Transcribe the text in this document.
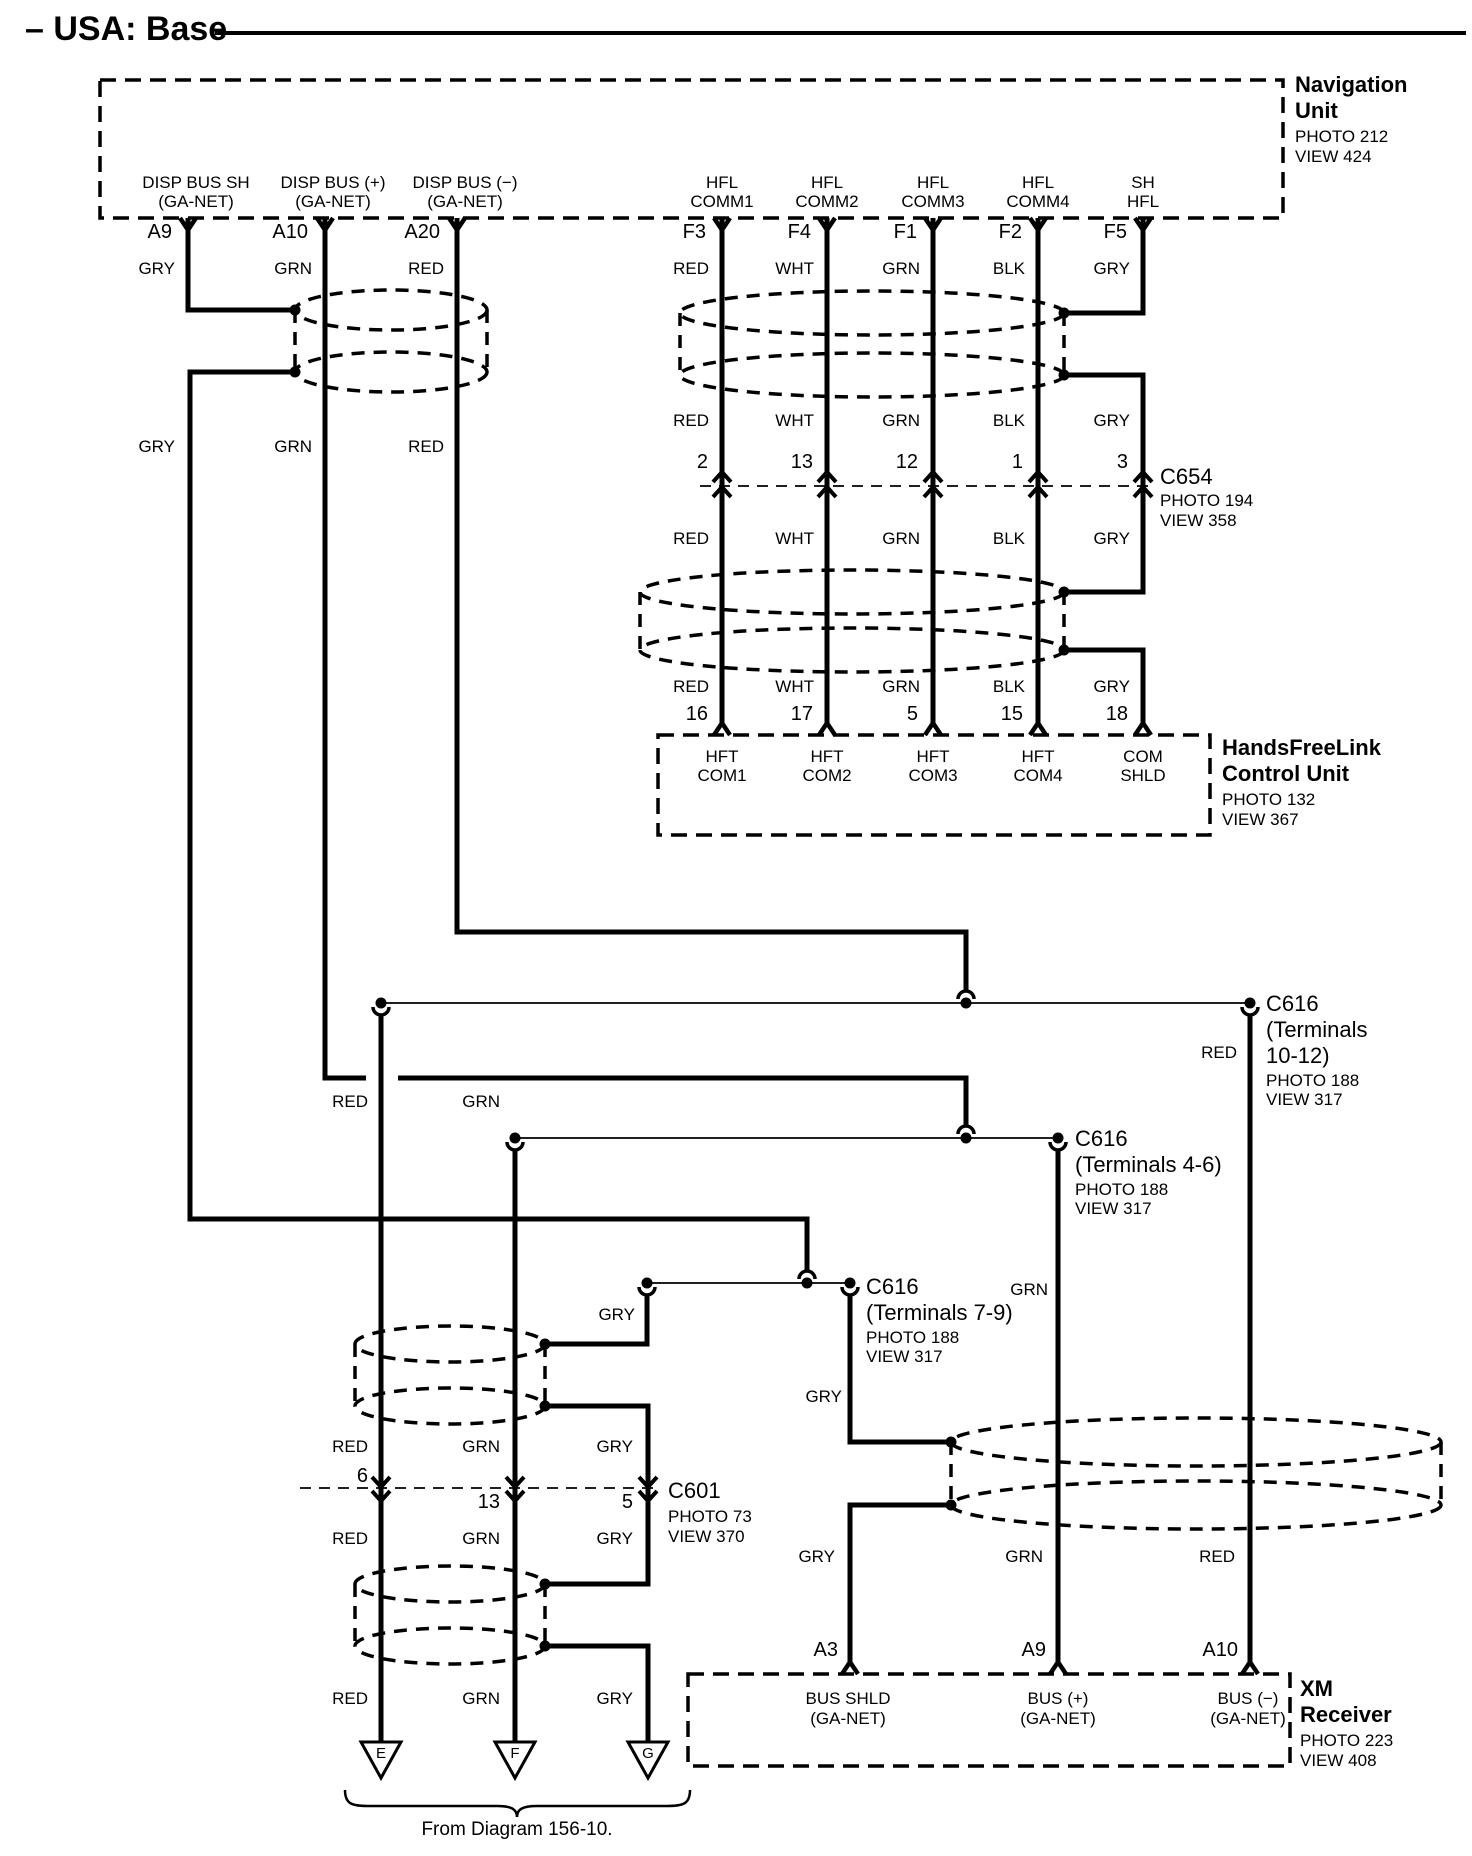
– USA: Base
Navigation
Unit
PHOTO 212
VIEW 424
DISP BUS SH
(GA-NET)
DISP BUS (+)
(GA-NET)
DISP BUS (−)
(GA-NET)
HFL
COMM1
HFL
COMM2
HFL
COMM3
HFL
COMM4
SH
HFL
A9	A10	A20	F3	F4	F1	F2	F5
GRY	GRN	RED	RED	WHT	GRN	BLK	GRY
GRY	GRN	RED
RED	WHT	GRN	BLK	GRY
RED	WHT	GRN	BLK	GRY
RED	WHT	GRN	BLK	GRY
RED	GRN
RED
GRN
GRY
GRY
RED	GRN	GRY
RED	GRN	GRY
RED	GRN	GRY
GRY	GRN	RED
2	13	12	1	3
C654
PHOTO 194
VIEW 358
16	17	5	15	18
HFT
COM1
HFT
COM2
HFT
COM3
HFT
COM4
COM
SHLD
HandsFreeLink
Control Unit
PHOTO 132
VIEW 367
C616
(Terminals
10-12)
PHOTO 188
VIEW 317
C616
(Terminals 4-6)
PHOTO 188
VIEW 317
C616
(Terminals 7-9)
PHOTO 188
VIEW 317
6
13	5 C601
PHOTO 73
VIEW 370
A3	A9	A10
BUS SHLD
(GA-NET)
BUS (+)
(GA-NET)
BUS (−)
(GA-NET)
XM
Receiver
PHOTO 223
VIEW 408
E	F	G
From Diagram 156-10.
